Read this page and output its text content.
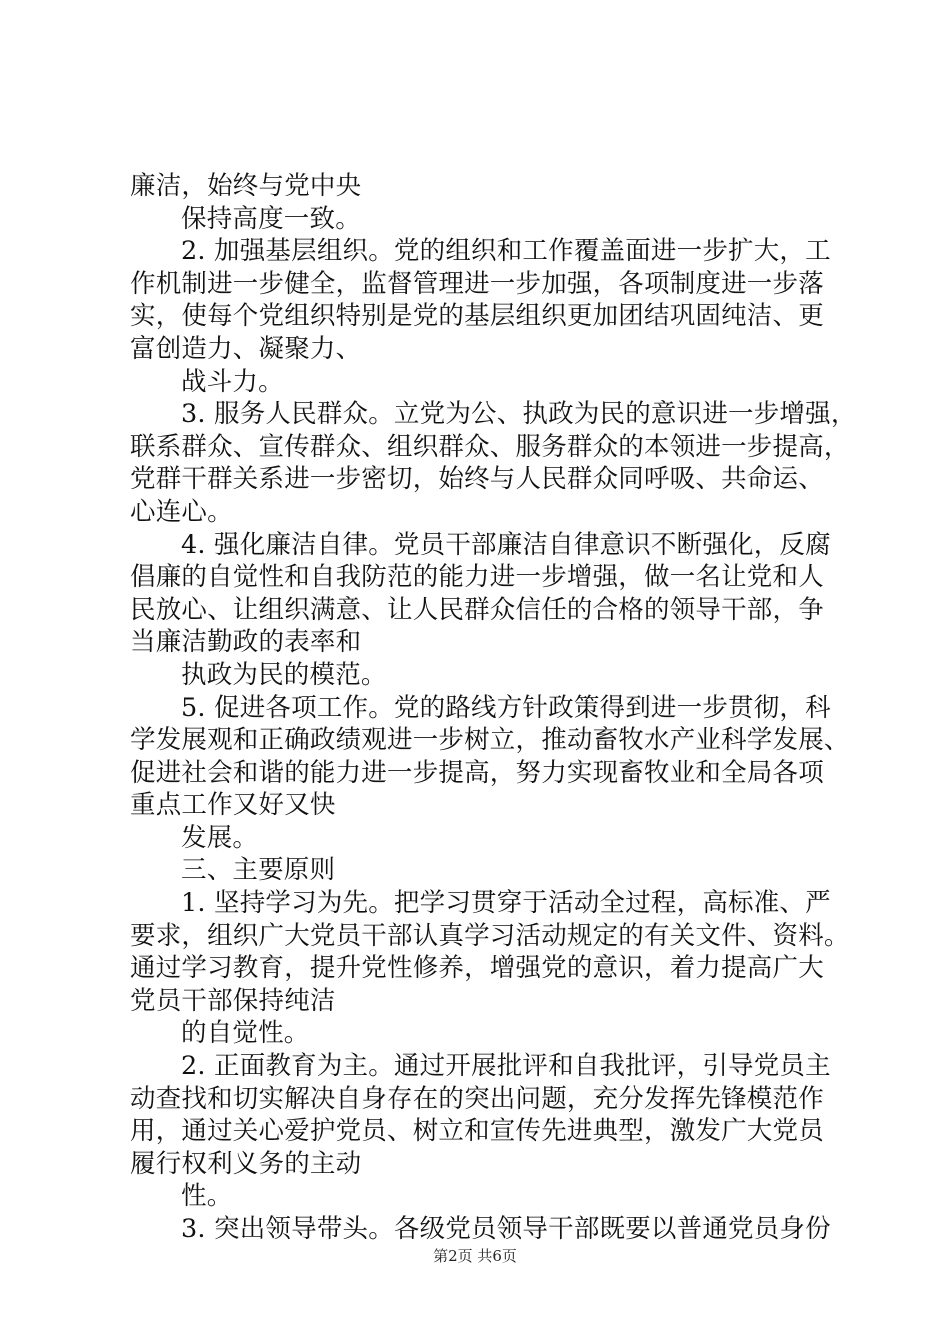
廉洁，始终与党中央
保持高度一致。
2. 加强基层组织。党的组织和工作覆盖面进一步扩大，工
作机制进一步健全，监督管理进一步加强，各项制度进一步落
实，使每个党组织特别是党的基层组织更加团结巩固纯洁、更
富创造力、凝聚力、
战斗力。
3. 服务人民群众。立党为公、执政为民的意识进一步增强，
联系群众、宣传群众、组织群众、服务群众的本领进一步提高，
党群干群关系进一步密切，始终与人民群众同呼吸、共命运、
心连心。
4. 强化廉洁自律。党员干部廉洁自律意识不断强化，反腐
倡廉的自觉性和自我防范的能力进一步增强，做一名让党和人
民放心、让组织满意、让人民群众信任的合格的领导干部，争
当廉洁勤政的表率和
执政为民的模范。
5. 促进各项工作。党的路线方针政策得到进一步贯彻，科
学发展观和正确政绩观进一步树立，推动畜牧水产业科学发展、
促进社会和谐的能力进一步提高，努力实现畜牧业和全局各项
重点工作又好又快
发展。
三、主要原则
1. 坚持学习为先。把学习贯穿于活动全过程，高标准、严
要求，组织广大党员干部认真学习活动规定的有关文件、资料。
通过学习教育，提升党性修养，增强党的意识，着力提高广大
党员干部保持纯洁
的自觉性。
2. 正面教育为主。通过开展批评和自我批评，引导党员主
动查找和切实解决自身存在的突出问题，充分发挥先锋模范作
用，通过关心爱护党员、树立和宣传先进典型，激发广大党员
履行权利义务的主动
性。
3. 突出领导带头。各级党员领导干部既要以普通党员身份
第2页 共6页
